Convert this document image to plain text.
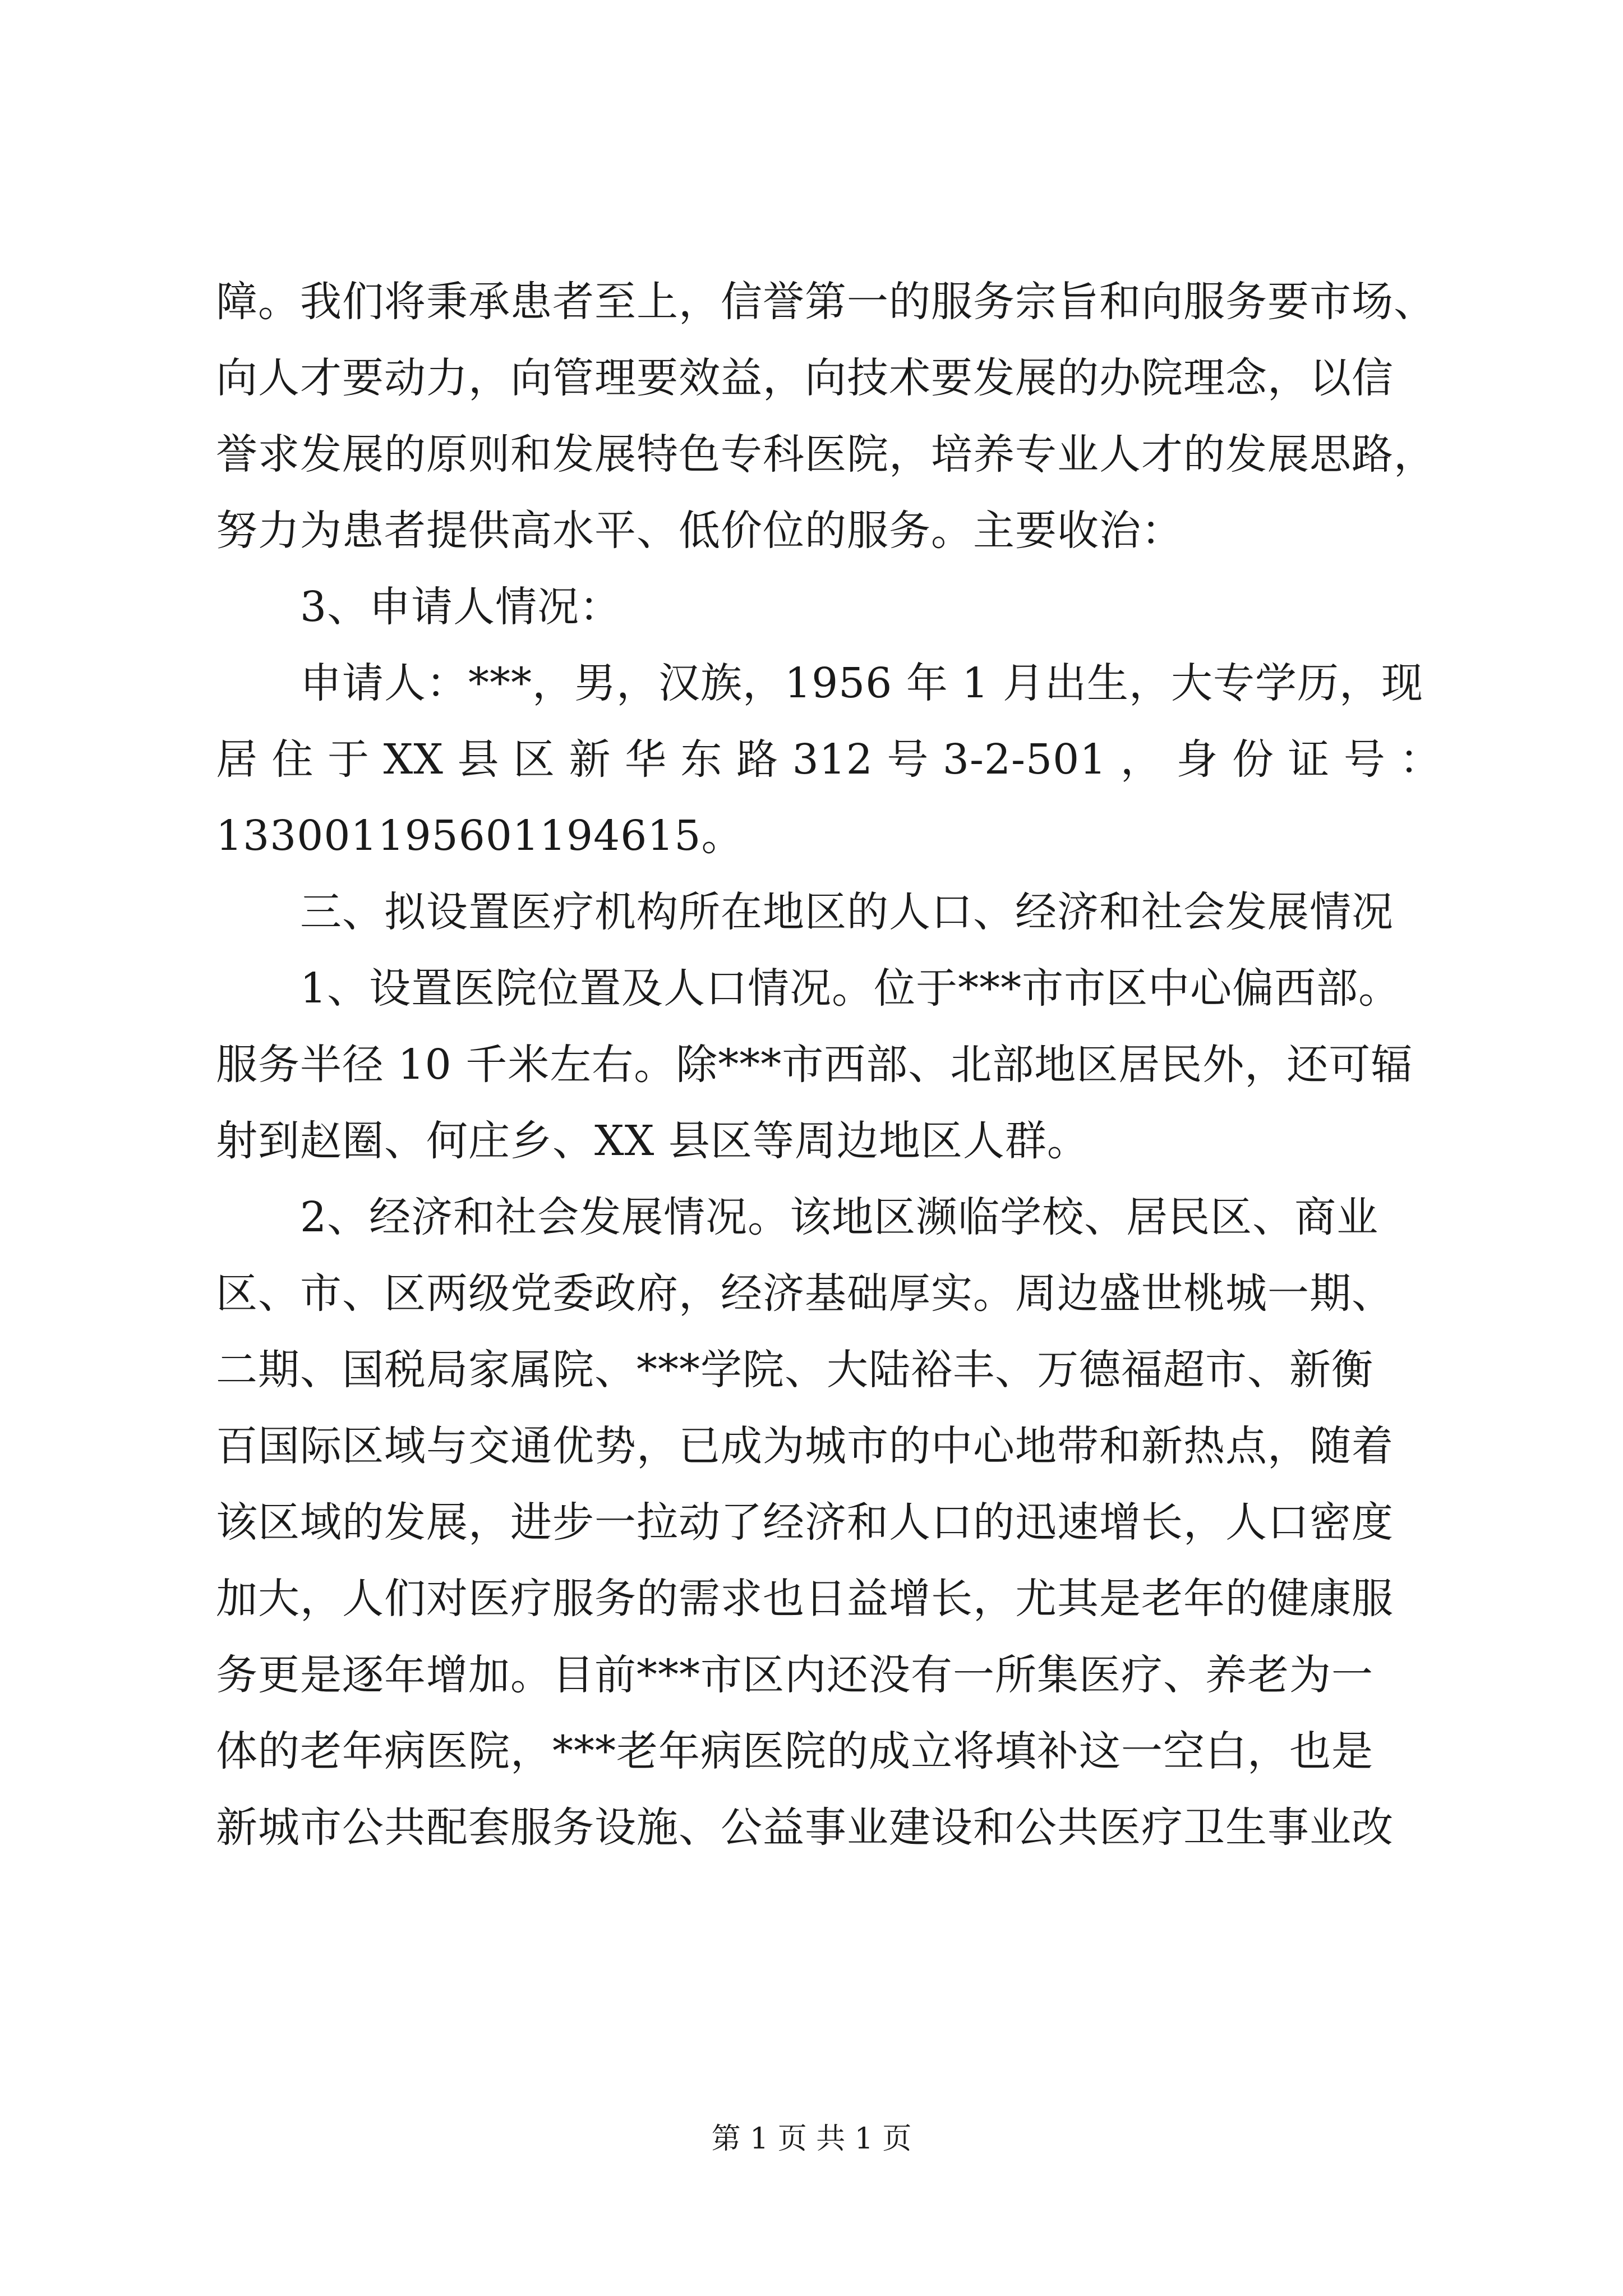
障。我们将秉承患者至上，信誉第一的服务宗旨和向服务要市场、
向人才要动力，向管理要效益，向技术要发展的办院理念，以信
誉求发展的原则和发展特色专科医院，培养专业人才的发展思路，
努力为患者提供高水平、低价位的服务。主要收治：
3、申请人情况：
申请人：***，男，汉族，1956 年 1 月出生，大专学历，现
居 住 于 XX 县 区 新 华 东 路 312 号 3-2-501 ， 身 份 证 号 ：
133001195601194615。
三、拟设置医疗机构所在地区的人口、经济和社会发展情况
1、设置医院位置及人口情况。位于***市市区中心偏西部。
服务半径 10 千米左右。除***市西部、北部地区居民外，还可辐
射到赵圈、何庄乡、XX 县区等周边地区人群。
2、经济和社会发展情况。该地区濒临学校、居民区、商业
区、市、区两级党委政府，经济基础厚实。周边盛世桃城一期、
二期、国税局家属院、***学院、大陆裕丰、万德福超市、新衡
百国际区域与交通优势，已成为城市的中心地带和新热点，随着
该区域的发展，进步一拉动了经济和人口的迅速增长，人口密度
加大，人们对医疗服务的需求也日益增长，尤其是老年的健康服
务更是逐年增加。目前***市区内还没有一所集医疗、养老为一
体的老年病医院，***老年病医院的成立将填补这一空白，也是
新城市公共配套服务设施、公益事业建设和公共医疗卫生事业改
第 1 页 共 1 页
